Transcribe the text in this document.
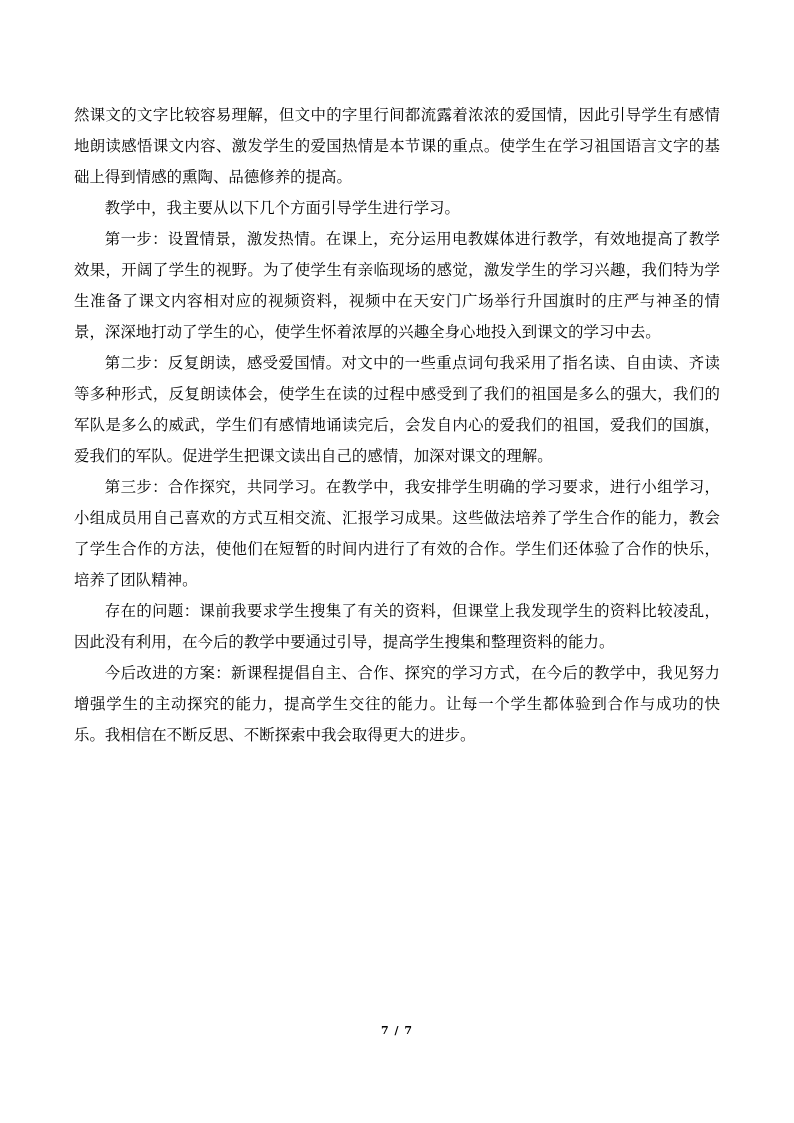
然课文的文字比较容易理解，但文中的字里行间都流露着浓浓的爱国情，因此引导学生有感情地朗读感悟课文内容、激发学生的爱国热情是本节课的重点。使学生在学习祖国语言文字的基础上得到情感的熏陶、品德修养的提高。

教学中，我主要从以下几个方面引导学生进行学习。

第一步：设置情景，激发热情。在课上，充分运用电教媒体进行教学，有效地提高了教学效果，开阔了学生的视野。为了使学生有亲临现场的感觉，激发学生的学习兴趣，我们特为学生准备了课文内容相对应的视频资料，视频中在天安门广场举行升国旗时的庄严与神圣的情景，深深地打动了学生的心，使学生怀着浓厚的兴趣全身心地投入到课文的学习中去。

第二步：反复朗读，感受爱国情。对文中的一些重点词句我采用了指名读、自由读、齐读等多种形式，反复朗读体会，使学生在读的过程中感受到了我们的祖国是多么的强大，我们的军队是多么的威武，学生们有感情地诵读完后，会发自内心的爱我们的祖国，爱我们的国旗，爱我们的军队。促进学生把课文读出自己的感情，加深对课文的理解。

第三步：合作探究，共同学习。在教学中，我安排学生明确的学习要求，进行小组学习，小组成员用自己喜欢的方式互相交流、汇报学习成果。这些做法培养了学生合作的能力，教会了学生合作的方法，使他们在短暂的时间内进行了有效的合作。学生们还体验了合作的快乐，培养了团队精神。

存在的问题：课前我要求学生搜集了有关的资料，但课堂上我发现学生的资料比较凌乱，因此没有利用，在今后的教学中要通过引导，提高学生搜集和整理资料的能力。

今后改进的方案：新课程提倡自主、合作、探究的学习方式，在今后的教学中，我见努力增强学生的主动探究的能力，提高学生交往的能力。让每一个学生都体验到合作与成功的快乐。我相信在不断反思、不断探索中我会取得更大的进步。

7 / 7
